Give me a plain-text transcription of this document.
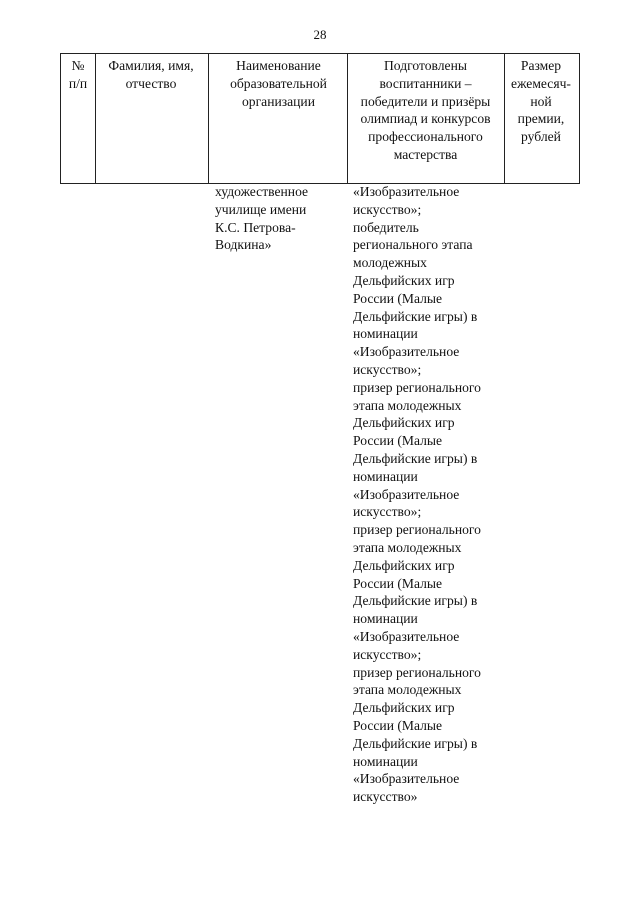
28
№
п/п
Фамилия, имя,
отчество
Наименование
образовательной
организации
Подготовлены
воспитанники –
победители и призёры
олимпиад и конкурсов
профессионального
мастерства
Размер
ежемесяч-
ной
премии,
рублей
художественное
училище имени
К.С. Петрова-
Водкина»
«Изобразительное
искусство»;
победитель
регионального этапа
молодежных
Дельфийских игр
России (Малые
Дельфийские игры) в
номинации
«Изобразительное
искусство»;
призер регионального
этапа молодежных
Дельфийских игр
России (Малые
Дельфийские игры) в
номинации
«Изобразительное
искусство»;
призер регионального
этапа молодежных
Дельфийских игр
России (Малые
Дельфийские игры) в
номинации
«Изобразительное
искусство»;
призер регионального
этапа молодежных
Дельфийских игр
России (Малые
Дельфийские игры) в
номинации
«Изобразительное
искусство»
